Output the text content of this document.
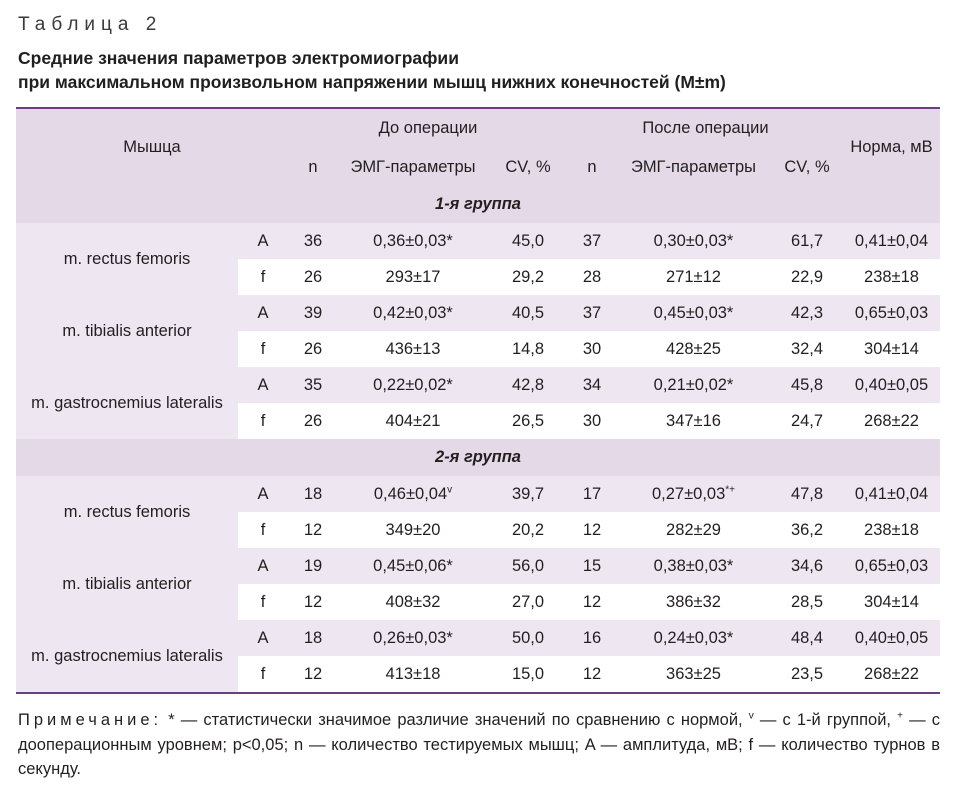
Таблица 2
Средние значения параметров электромиографии
при максимальном произвольном напряжении мышц нижних конечностей (M±m)

Мышца		До операции			После операции			Норма, мВ
		n	ЭМГ-параметры	CV, %	n	ЭМГ-параметры	CV, %	
1-я группа								
m. rectus femoris	A	36	0,36±0,03*	45,0	37	0,30±0,03*	61,7	0,41±0,04
	f	26	293±17	29,2	28	271±12	22,9	238±18
m. tibialis anterior	A	39	0,42±0,03*	40,5	37	0,45±0,03*	42,3	0,65±0,03
	f	26	436±13	14,8	30	428±25	32,4	304±14
m. gastrocnemius lateralis	A	35	0,22±0,02*	42,8	34	0,21±0,02*	45,8	0,40±0,05
	f	26	404±21	26,5	30	347±16	24,7	268±22
2-я группа								
m. rectus femoris	A	18	$0,46\pm 0,04^v$	39,7	17	0,27±0,03*+	47,8	0,41±0,04
	f	12	349±20	20,2	12	282±29	36,2	238±18
m. tibialis anterior	A	19	0,45±0,06*	56,0	15	0,38±0,03*	34,6	0,65±0,03
	f	12	408±32	27,0	12	386±32	28,5	304±14
m. gastrocnemius lateralis	A	18	0,26±0,03*	50,0	16	0,24±0,03*	48,4	0,40±0,05
	f	12	413±18	15,0	12	363±25	23,5	268±22

Примечание: * — статистически значимое различие значений по сравнению с нормой, $^v$ — с 1-й группой, + — с дооперационным уровнем; p<0,05; n — количество тестируемых мышц; A — амплитуда, мВ; f — количество турнов в секунду.
